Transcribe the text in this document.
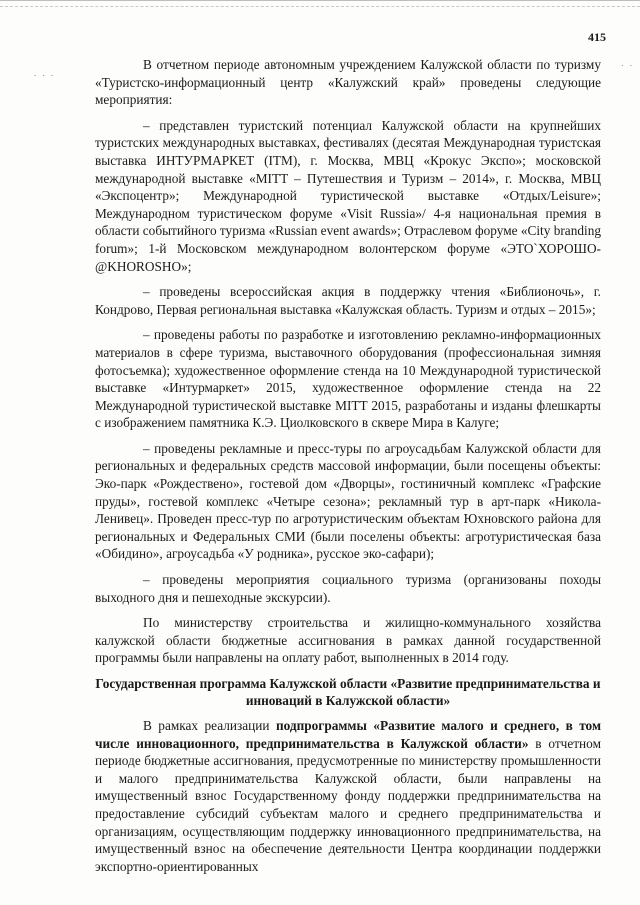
. . .
. .
415

В отчетном периоде автономным учреждением Калужской области по туризму «Туристско-информационный центр «Калужский край» проведены следующие мероприятия:

– представлен туристский потенциал Калужской области на крупнейших туристских международных выставках, фестивалях (десятая Международная туристская выставка ИНТУРМАРКЕТ (ITM), г. Москва, МВЦ «Крокус Экспо»; московской международной выставке «MITT – Путешествия и Туризм – 2014», г. Москва, МВЦ «Экспоцентр»; Международной туристической выставке «Отдых/Leisure»; Международном туристическом форуме «Visit Russia»/ 4-я национальная премия в области событийного туризма «Russian event awards»; Отраслевом форуме «City branding forum»; 1-й Московском международном волонтерском форуме «ЭТО`ХОРОШО- @KHOROSHO»;

– проведены всероссийская акция в поддержку чтения «Библионочь», г. Кондрово, Первая региональная выставка «Калужская область. Туризм и отдых – 2015»;

– проведены работы по разработке и изготовлению рекламно-информационных материалов в сфере туризма, выставочного оборудования (профессиональная зимняя фотосъемка); художественное оформление стенда на 10 Международной туристической выставке «Интурмаркет» 2015, художественное оформление стенда на 22 Международной туристической выставке MITT 2015, разработаны и изданы флешкарты с изображением памятника К.Э. Циолковского в сквере Мира в Калуге;

– проведены рекламные и пресс-туры по агроусадьбам Калужской области для региональных и федеральных средств массовой информации, были посещены объекты: Эко-парк «Рождествено», гостевой дом «Дворцы», гостиничный комплекс «Графские пруды», гостевой комплекс «Четыре сезона»; рекламный тур в арт-парк «Никола-Ленивец». Проведен пресс-тур по агротуристическим объектам Юхновского района для региональных и Федеральных СМИ (были поселены объекты: агротуристическая база «Обидино», агроусадьба «У родника», русское эко-сафари);

– проведены мероприятия социального туризма (организованы походы выходного дня и пешеходные экскурсии).

По министерству строительства и жилищно-коммунального хозяйства калужской области бюджетные ассигнования в рамках данной государственной программы были направлены на оплату работ, выполненных в 2014 году.

Государственная программа Калужской области «Развитие предпринимательства и инноваций в Калужской области»

В рамках реализации подпрограммы «Развитие малого и среднего, в том числе инновационного, предпринимательства в Калужской области» в отчетном периоде бюджетные ассигнования, предусмотренные по министерству промышленности и малого предпринимательства Калужской области, были направлены на имущественный взнос Государственному фонду поддержки предпринимательства на предоставление субсидий субъектам малого и среднего предпринимательства и организациям, осуществляющим поддержку инновационного предпринимательства, на имущественный взнос на обеспечение деятельности Центра координации поддержки экспортно-ориентированных
